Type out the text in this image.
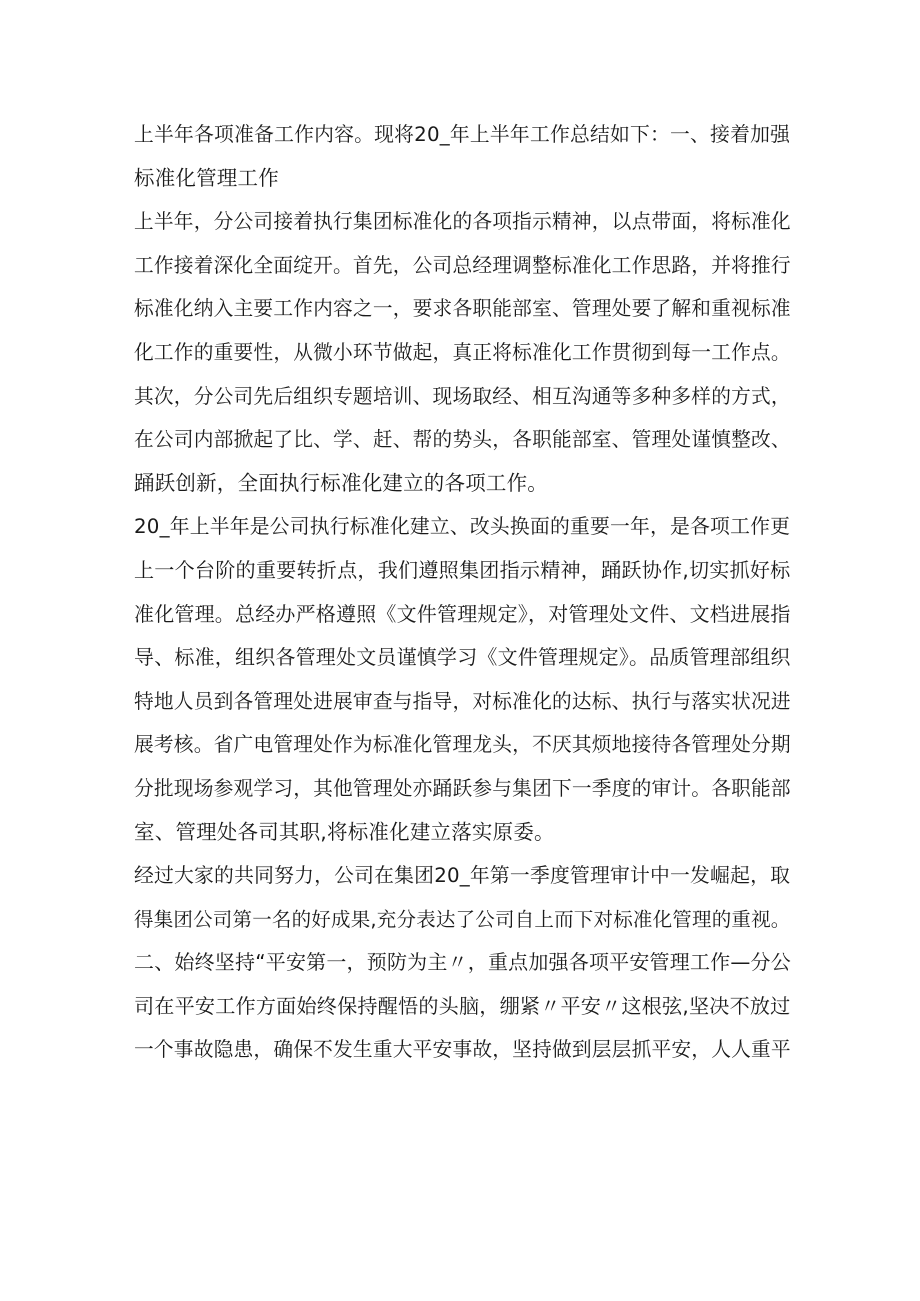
上半年各项准备工作内容。现将20_年上半年工作总结如下：一、接着加强
标准化管理工作
上半年，分公司接着执行集团标准化的各项指示精神，以点带面，将标准化
工作接着深化全面绽开。首先，公司总经理调整标准化工作思路，并将推行
标准化纳入主要工作内容之一，要求各职能部室、管理处要了解和重视标准
化工作的重要性，从微小环节做起，真正将标准化工作贯彻到每一工作点。
其次，分公司先后组织专题培训、现场取经、相互沟通等多种多样的方式，
在公司内部掀起了比、学、赶、帮的势头，各职能部室、管理处谨慎整改、
踊跃创新，全面执行标准化建立的各项工作。
20_年上半年是公司执行标准化建立、改头换面的重要一年，是各项工作更
上一个台阶的重要转折点，我们遵照集团指示精神，踊跃协作,切实抓好标
准化管理。总经办严格遵照《文件管理规定》，对管理处文件、文档进展指
导、标准，组织各管理处文员谨慎学习《文件管理规定》。品质管理部组织
特地人员到各管理处进展审查与指导，对标准化的达标、执行与落实状况进
展考核。省广电管理处作为标准化管理龙头，不厌其烦地接待各管理处分期
分批现场参观学习，其他管理处亦踊跃参与集团下一季度的审计。各职能部
室、管理处各司其职,将标准化建立落实原委。
经过大家的共同努力，公司在集团20_年第一季度管理审计中一发崛起，取
得集团公司第一名的好成果,充分表达了公司自上而下对标准化管理的重视。
二、始终坚持“平安第一，预防为主〃，重点加强各项平安管理工作—分公
司在平安工作方面始终保持醒悟的头脑，绷紧〃平安〃这根弦,坚决不放过
一个事故隐患，确保不发生重大平安事故，坚持做到层层抓平安，人人重平
